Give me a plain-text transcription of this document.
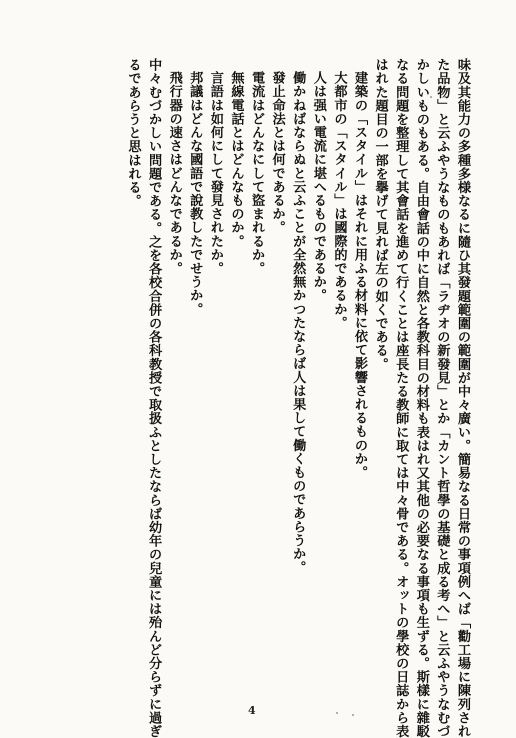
味及其能力の多種多様なるに隨ひ其發題範圍の範圍が中々廣い。簡易なる日常の事項例へば「勸工場に陳列され
た品物」と云ふやうなものもあれば「ラヂオの新發見」とか「カント哲學の基礎と成る考へ」と云ふやうなむづ
かしいものもある。自由會話の中に自然と各教科目の材料も表はれ又其他の必要なる事項も生ずる。斯樣に雜駁
なる問題を整理して其會話を進めて行くことは座長たる教師に取ては中々骨である。オットの學校の日誌から表
はれた題目の一部を擧げて見れば左の如くである。
建築の「スタイル」はそれに用ふる材料に依て影響されるものか。
大都市の「スタイル」は國際的であるか。
人は强い電流に堪へるものであるか。
働かねばならぬと云ふことが全然無かつたならば人は果して働くものであらうか。
發止命法とは何であるか。
電流はどんなにして盜まれるか。
無線電話とはどんなものか。
言語は如何にして發見されたか。
邦議はどんな國語で說教したでせうか。
飛行器の速さはどんなであるか。
中々むづかしい問題である。之を各校合併の各科教授で取扱ふとしたならば幼年の兒童には殆んど分らずに過ぎ
るであらうと思はれる。
4
